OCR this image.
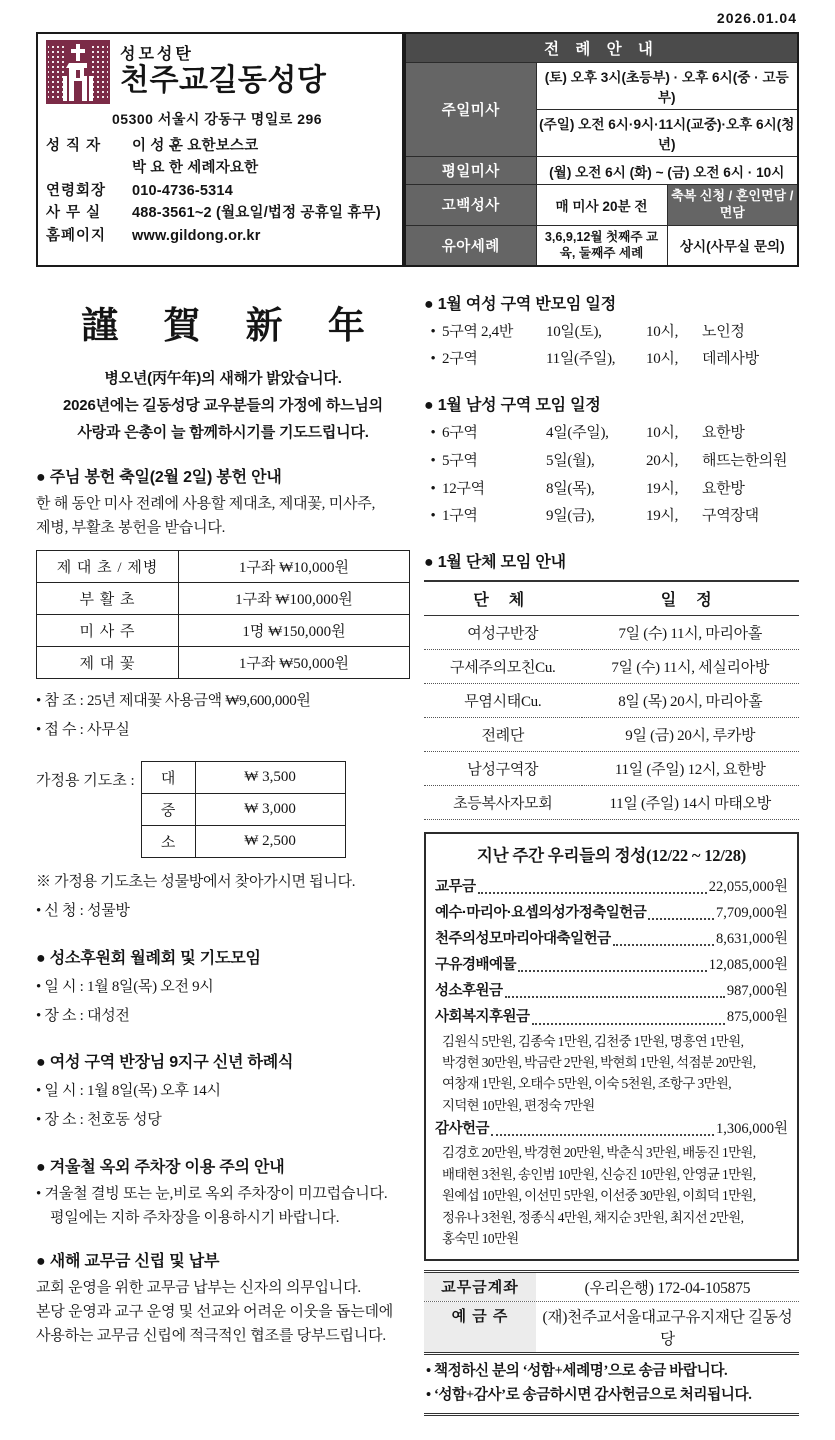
2026.01.04
성모성탄
천주교길동성당
05300 서울시 강동구 명일로 296
성 직 자	이 성 훈 요한보스코
박 요 한 세례자요한
연령회장	010-4736-5314
사 무 실	488-3561~2 (월요일/법정 공휴일 휴무)
홈페이지	www.gildong.or.kr
전 례 안 내		
주일미사	(토) 오후 3시(초등부) · 오후 6시(중 · 고등부)	
	(주일) 오전 6시·9시·11시(교중)·오후 6시(청년)	
평일미사	(월) 오전 6시 (화) ~ (금) 오전 6시 · 10시	
고백성사	매 미사 20분 전	축복 신청 / 혼인면담 / 면담
유아세례	3,6,9,12월 첫째주 교육, 둘째주 세례	상시(사무실 문의)
謹 賀 新 年
병오년(丙午年)의 새해가 밝았습니다.
2026년에는 길동성당 교우분들의 가정에 하느님의
사랑과 은총이 늘 함께하시기를 기도드립니다.
● 주님 봉헌 축일(2월 2일) 봉헌 안내
한 해 동안 미사 전례에 사용할 제대초, 제대꽃, 미사주,
제병, 부활초 봉헌을 받습니다.
제 대 초 / 제병	1구좌 ₩10,000원
부 활 초	1구좌 ₩100,000원
미 사 주	1명 ₩150,000원
제 대 꽃	1구좌 ₩50,000원
• 참 조 : 25년 제대꽃 사용금액 ₩9,600,000원
• 접 수 : 사무실
가정용 기도초 : 대	₩ 3,500
중	₩ 3,000
소	₩ 2,500
※ 가정용 기도초는 성물방에서 찾아가시면 됩니다.
• 신 청 : 성물방
● 성소후원회 월례회 및 기도모임
• 일 시 : 1월 8일(목) 오전 9시
• 장 소 : 대성전
● 여성 구역 반장님 9지구 신년 하례식
• 일 시 : 1월 8일(목) 오후 14시
• 장 소 : 천호동 성당
● 겨울철 옥외 주차장 이용 주의 안내
• 겨울철 결빙 또는 눈,비로 옥외 주차장이 미끄럽습니다.
평일에는 지하 주차장을 이용하시기 바랍니다.
● 새해 교무금 신립 및 납부
교회 운영을 위한 교무금 납부는 신자의 의무입니다.
본당 운영과 교구 운영 및 선교와 어려운 이웃을 돕는데에
사용하는 교무금 신립에 적극적인 협조를 당부드립니다.
● 1월 여성 구역 반모임 일정
• 5구역 2,4반	10일(토),	10시,	노인정
• 2구역	11일(주일),	10시,	데레사방
● 1월 남성 구역 모임 일정
• 6구역	4일(주일),	10시,	요한방
• 5구역	5일(월),	20시,	해뜨는한의원
• 12구역	8일(목),	19시,	요한방
• 1구역	9일(금),	19시,	구역장댁
● 1월 단체 모임 안내
단 체	일 정
여성구반장	7일 (수) 11시, 마리아홀
구세주의모친Cu.	7일 (수) 11시, 세실리아방
무염시태Cu.	8일 (목) 20시, 마리아홀
전례단	9일 (금) 20시, 루카방
남성구역장	11일 (주일) 12시, 요한방
초등복사자모회	11일 (주일) 14시 마태오방
지난 주간 우리들의 정성(12/22 ~ 12/28)
교무금	22,055,000원
예수·마리아·요셉의성가정축일헌금	7,709,000원
천주의성모마리아대축일헌금	8,631,000원
구유경배예물	12,085,000원
성소후원금	987,000원
사회복지후원금	875,000원
김원식 5만원, 김종숙 1만원, 김천중 1만원, 명흥연 1만원,
박경현 30만원, 박금란 2만원, 박현희 1만원, 석점분 20만원,
여창재 1만원, 오태수 5만원, 이숙 5천원, 조항구 3만원,
지덕현 10만원, 편정숙 7만원
감사헌금	1,306,000원
김경호 20만원, 박경현 20만원, 박춘식 3만원, 배동진 1만원,
배태현 3천원, 송인범 10만원, 신승진 10만원, 안영균 1만원,
원예섭 10만원, 이선민 5만원, 이선중 30만원, 이희덕 1만원,
정유나 3천원, 정종식 4만원, 채지순 3만원, 최지선 2만원,
홍숙민 10만원
교무금계좌	(우리은행) 172-04-105875
예 금 주	(재)천주교서울대교구유지재단 길동성당
• 책정하신 분의 ‘성함+세례명’으로 송금 바랍니다.
• ‘성함+감사’로 송금하시면 감사헌금으로 처리됩니다.
